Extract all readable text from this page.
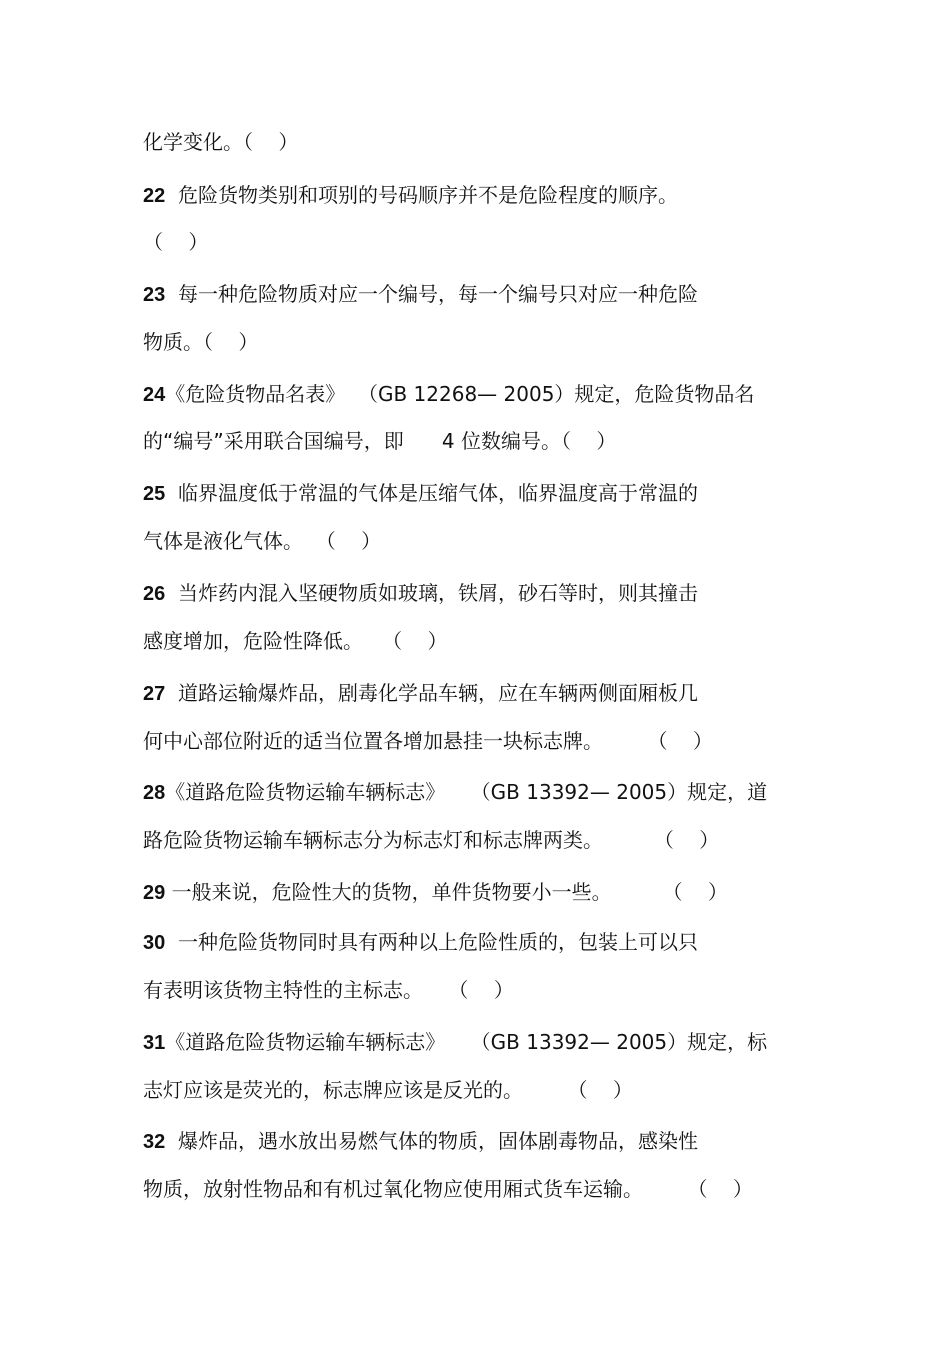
化学变化。（    ）

22  危险货物类别和项别的号码顺序并不是危险程度的顺序。

（    ）

23  每一种危险物质对应一个编号，每一个编号只对应一种危险

物质。（    ）

24《危险货物品名表》  （GB 12268— 2005）规定，危险货物品名

的“编号”采用联合国编号，即      4 位数编号。（    ）

25  临界温度低于常温的气体是压缩气体，临界温度高于常温的

气体是液化气体。  （    ）

26  当炸药内混入坚硬物质如玻璃，铁屑，砂石等时，则其撞击

感度增加，危险性降低。   （    ）

27  道路运输爆炸品，剧毒化学品车辆，应在车辆两侧面厢板几

何中心部位附近的适当位置各增加悬挂一块标志牌。       （    ）

28《道路危险货物运输车辆标志》    （GB 13392— 2005）规定，道

路危险货物运输车辆标志分为标志灯和标志牌两类。        （    ）

29 一般来说，危险性大的货物，单件货物要小一些。        （    ）

30  一种危险货物同时具有两种以上危险性质的，包装上可以只

有表明该货物主特性的主标志。    （    ）

31《道路危险货物运输车辆标志》    （GB 13392— 2005）规定，标

志灯应该是荧光的，标志牌应该是反光的。       （    ）

32  爆炸品，遇水放出易燃气体的物质，固体剧毒物品，感染性

物质，放射性物品和有机过氧化物应使用厢式货车运输。       （    ）
